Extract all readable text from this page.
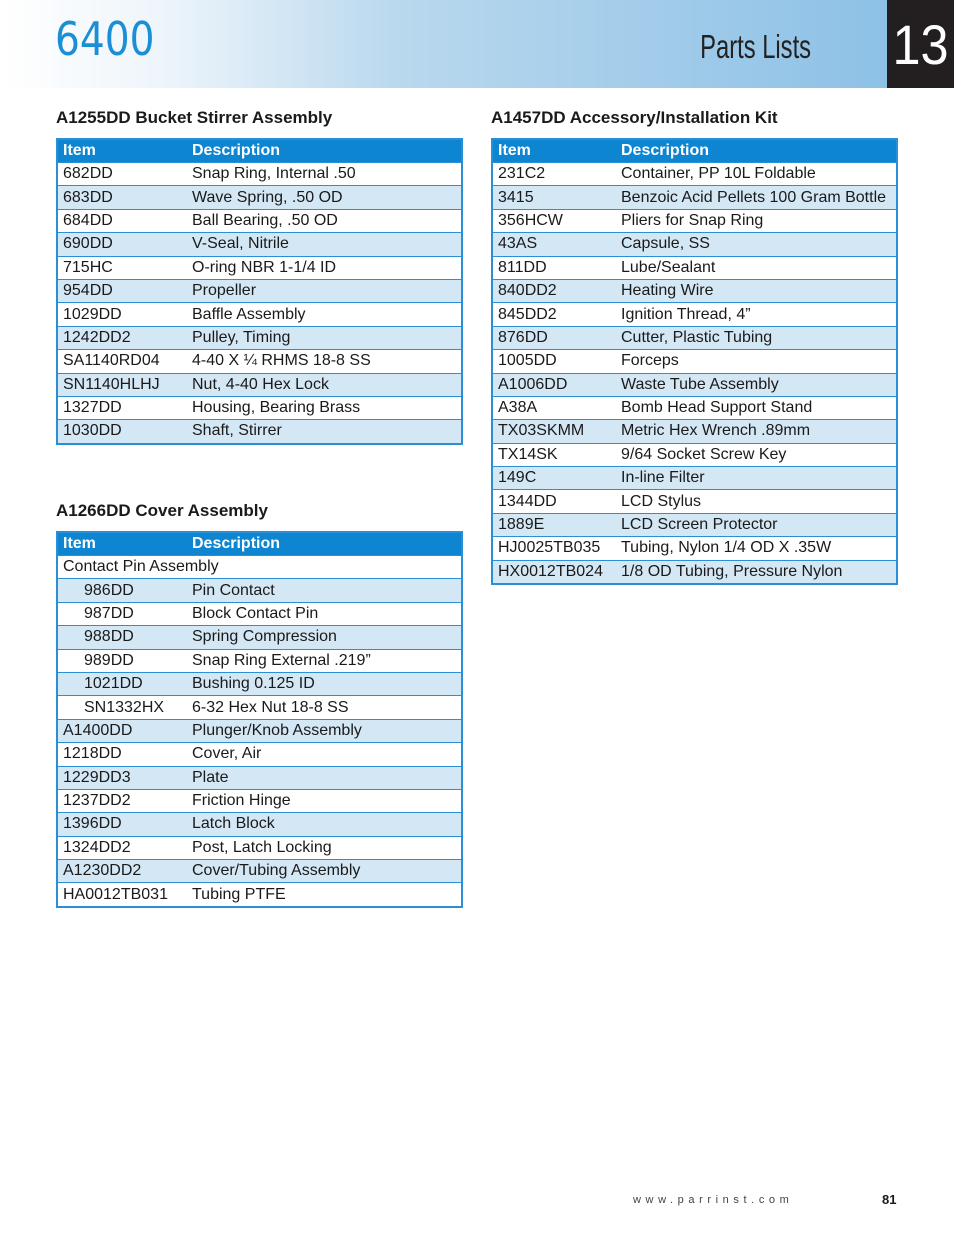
6400	Parts Lists 13
A1255DD Bucket Stirrer Assembly
Item	Description
682DD	Snap Ring, Internal .50
683DD	Wave Spring, .50 OD
684DD	Ball Bearing, .50 OD
690DD	V-Seal, Nitrile
715HC	O-ring NBR 1-1/4 ID
954DD	Propeller
1029DD	Baffle Assembly
1242DD2	Pulley, Timing
SA1140RD04	4-40 X ¼ RHMS 18-8 SS
SN1140HLHJ	Nut, 4-40 Hex Lock
1327DD	Housing, Bearing Brass
1030DD	Shaft, Stirrer
A1266DD Cover Assembly
Item	Description
Contact Pin Assembly	
986DD	Pin Contact
987DD	Block Contact Pin
988DD	Spring Compression
989DD	Snap Ring External .219”
1021DD	Bushing 0.125 ID
SN1332HX	6-32 Hex Nut 18-8 SS
A1400DD	Plunger/Knob Assembly
1218DD	Cover, Air
1229DD3	Plate
1237DD2	Friction Hinge
1396DD	Latch Block
1324DD2	Post, Latch Locking
A1230DD2	Cover/Tubing Assembly
HA0012TB031	Tubing PTFE
A1457DD Accessory/Installation Kit
Item	Description
231C2	Container, PP 10L Foldable
3415	Benzoic Acid Pellets 100 Gram Bottle
356HCW	Pliers for Snap Ring
43AS	Capsule, SS
811DD	Lube/Sealant
840DD2	Heating Wire
845DD2	Ignition Thread, 4”
876DD	Cutter, Plastic Tubing
1005DD	Forceps
A1006DD	Waste Tube Assembly
A38A	Bomb Head Support Stand
TX03SKMM	Metric Hex Wrench .89mm
TX14SK	9/64 Socket Screw Key
149C	In-line Filter
1344DD	LCD Stylus
1889E	LCD Screen Protector
HJ0025TB035	Tubing, Nylon 1/4 OD X .35W
HX0012TB024	1/8 OD Tubing, Pressure Nylon
www.parrinst.com	81
